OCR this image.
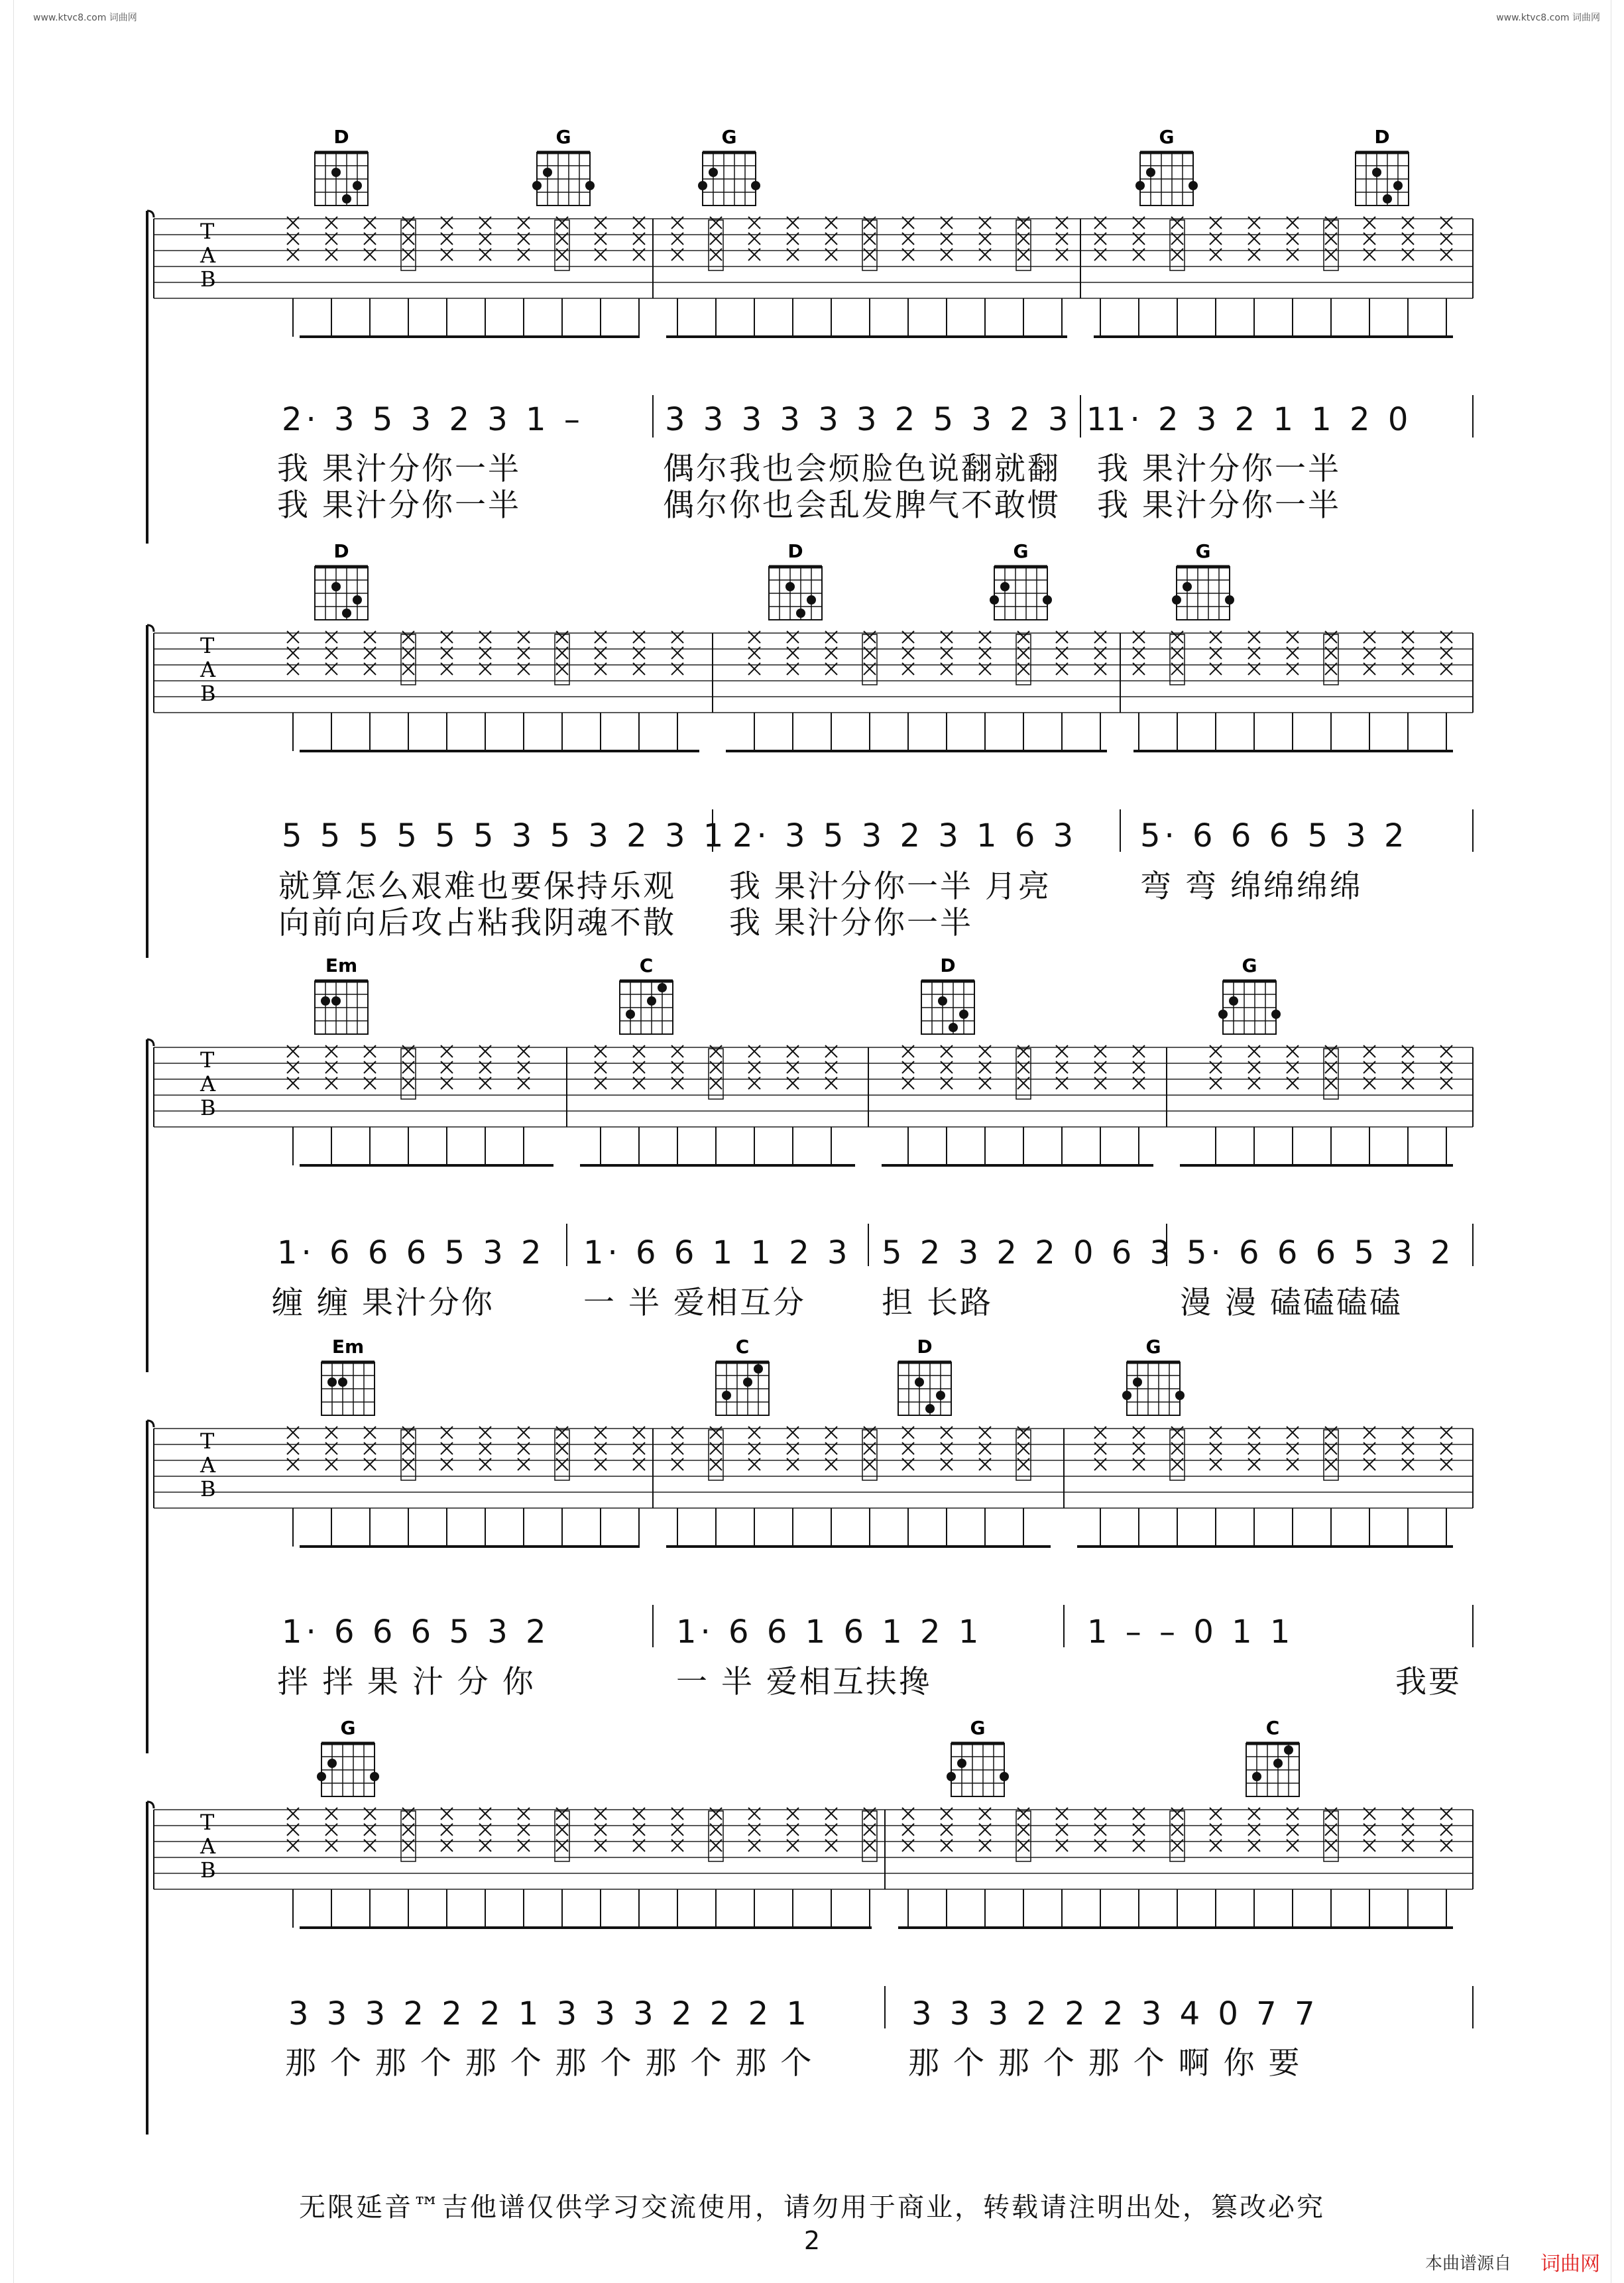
www.ktvc8.com 词曲网	www.ktvc8.com 词曲网
T
A
B
D	G	G	G	D
T
A
B
D	D	G	G
T
A
B
Em	C	D	G
T
A
B
Em	C	D	G
T
A
B
G	G	C
2· 3 5 3 2 3 1 –	3 3 3 3 3 3 2 5 3 2 3 1
1· 2 3 2 1 1 2 0
我 果汁分你一半	偶尔我也会烦脸色说翻就翻 我 果汁分你一半
我 果汁分你一半	偶尔你也会乱发脾气不敢惯 我 果汁分你一半
5 5 5 5 5 5 3 5 3 2 3 1 2· 3 5 3 2 3 1 6 3 5· 6 6 6 5 3 2
就算怎么艰难也要保持乐观 我 果汁分你一半 月亮	弯 弯 绵绵绵绵
向前向后攻占粘我阴魂不散 我 果汁分你一半
1· 6 6 6 5 3 2 1· 6 6 1 1 2 3 5 2 3 2 2 0 6 3 5· 6 6 6 5 3 2
缠 缠 果汁分你	一 半 爱相互分 担 长路	漫 漫 磕磕磕磕
1· 6 6 6 5 3 2	1· 6 6 1 6 1 2 1	1 – – 0 1 1
拌 拌 果 汁 分 你	一 半 爱相互扶搀	我要
3 3 3 2 2 2 1 3 3 3 2 2 2 1	3 3 3 2 2 2 3 4 0 7 7
那 个 那 个 那 个 那 个 那 个 那 个	那 个 那 个 那 个 啊 你 要
无限延音™吉他谱仅供学习交流使用，请勿用于商业，转载请注明出处，篡改必究
2
本曲谱源自 词曲网
